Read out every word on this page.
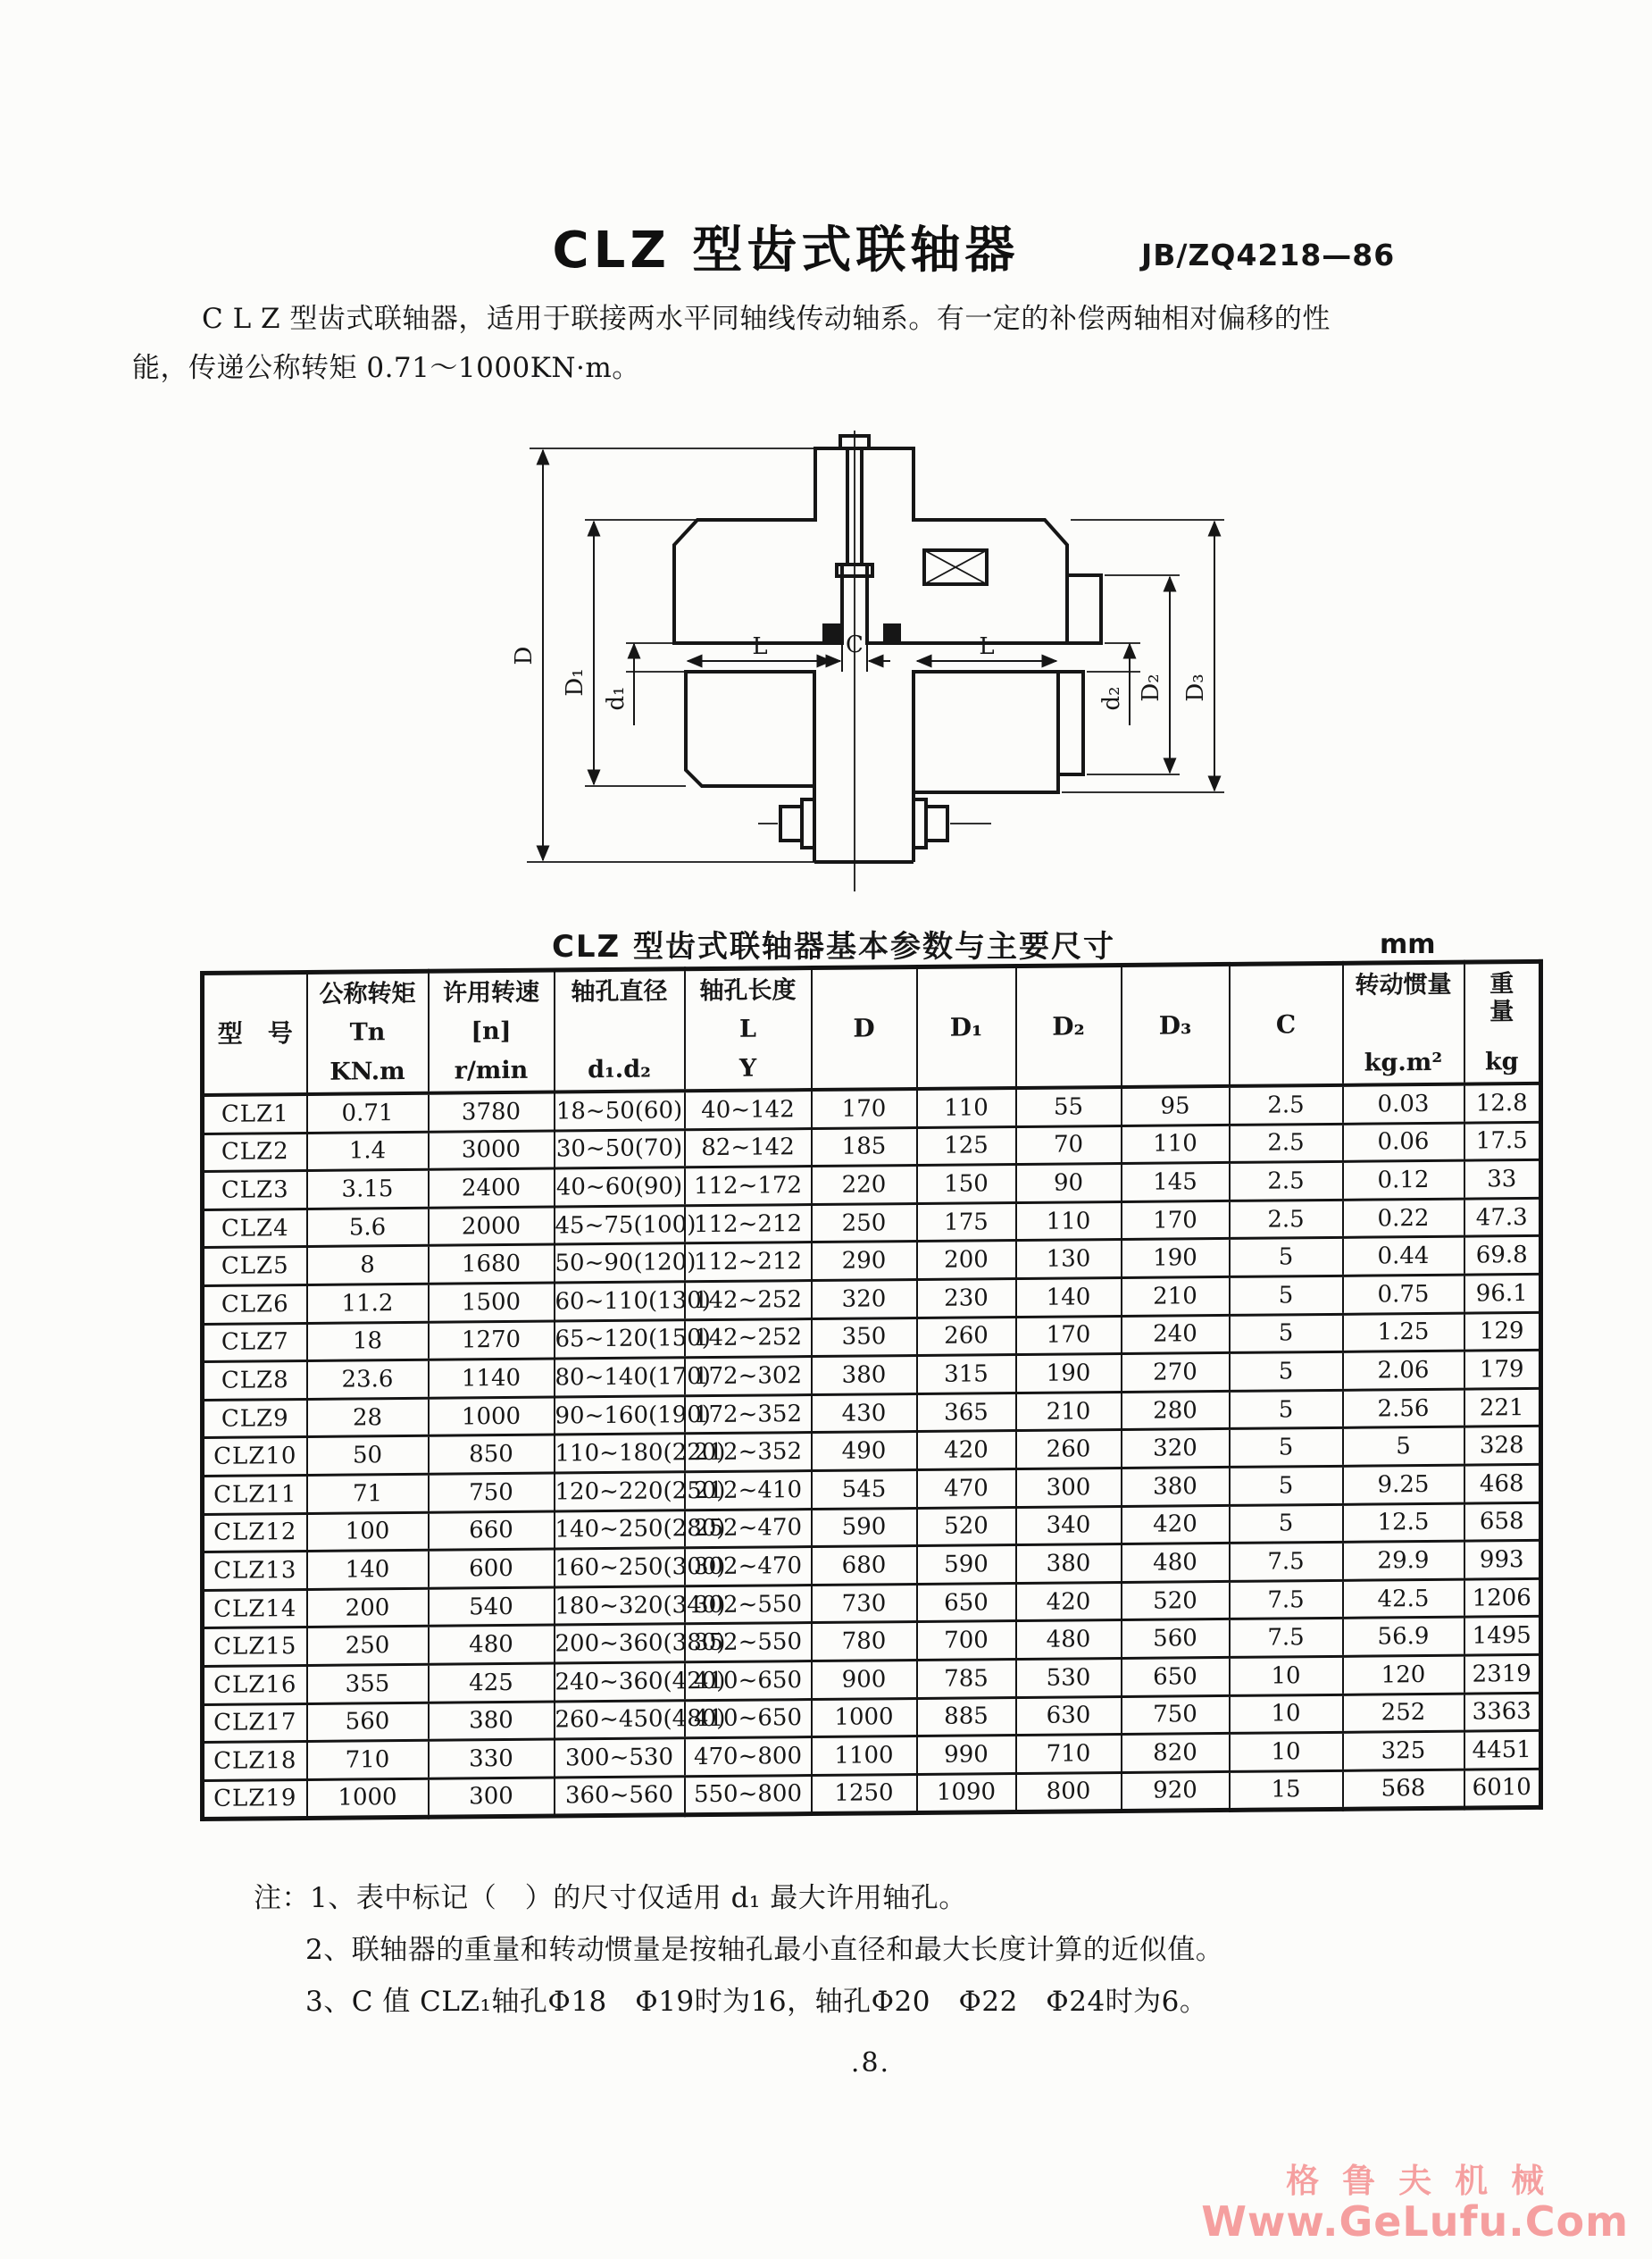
CLZ 型齿式联轴器	JB/ZQ4218—86
C L Z 型齿式联轴器，适用于联接两水平同轴线传动轴系。有一定的补偿两轴相对偏移的性
能，传递公称转矩 0.71～1000KN·m。
D
D₁
d₁
L	C	L
d₂ D₂ D₃
CLZ 型齿式联轴器基本参数与主要尺寸	mm
型　号

公称转矩
Tn
KN.m

许用转速
[n]
r/min

轴孔直径
d₁.d₂

轴孔长度
L
Y

D	D₁	D₂	D₃	C

转动惯量
kg.m²

重　量
kg

CLZ1	0.71	3780	18~50(60)	40~142	170	110	55	95	2.5	0.03	12.8
CLZ2	1.4	3000	30~50(70)	82~142	185	125	70	110	2.5	0.06	17.5
CLZ3	3.15	2400	40~60(90)	112~172	220	150	90	145	2.5	0.12	33
CLZ4	5.6	2000	45~75(100)	112~212	250	175	110	170	2.5	0.22	47.3
CLZ5	8	1680	50~90(120)	112~212	290	200	130	190	5	0.44	69.8
CLZ6	11.2	1500	60~110(130)	142~252	320	230	140	210	5	0.75	96.1
CLZ7	18	1270	65~120(150)	142~252	350	260	170	240	5	1.25	129
CLZ8	23.6	1140	80~140(170)	172~302	380	315	190	270	5	2.06	179
CLZ9	28	1000	90~160(190)	172~352	430	365	210	280	5	2.56	221
CLZ10	50	850	110~180(220)	212~352	490	420	260	320	5	5	328
CLZ11	71	750	120~220(250)	212~410	545	470	300	380	5	9.25	468
CLZ12	100	660	140~250(280)	252~470	590	520	340	420	5	12.5	658
CLZ13	140	600	160~250(300)	302~470	680	590	380	480	7.5	29.9	993
CLZ14	200	540	180~320(340)	302~550	730	650	420	520	7.5	42.5	1206
CLZ15	250	480	200~360(380)	352~550	780	700	480	560	7.5	56.9	1495
CLZ16	355	425	240~360(420)	410~650	900	785	530	650	10	120	2319
CLZ17	560	380	260~450(480)	410~650	1000	885	630	750	10	252	3363
CLZ18	710	330	300~530	470~800	1100	990	710	820	10	325	4451
CLZ19	1000	300	360~560	550~800	1250	1090	800	920	15	568	6010
注：1、表中标记（　）的尺寸仅适用 d₁ 最大许用轴孔。
2、联轴器的重量和转动惯量是按轴孔最小直径和最大长度计算的近似值。
3、C 值 CLZ₁轴孔Φ18　Φ19时为16，轴孔Φ20　Φ22　Φ24时为6。
.8.
格鲁夫机械
Www.GeLufu.Com
